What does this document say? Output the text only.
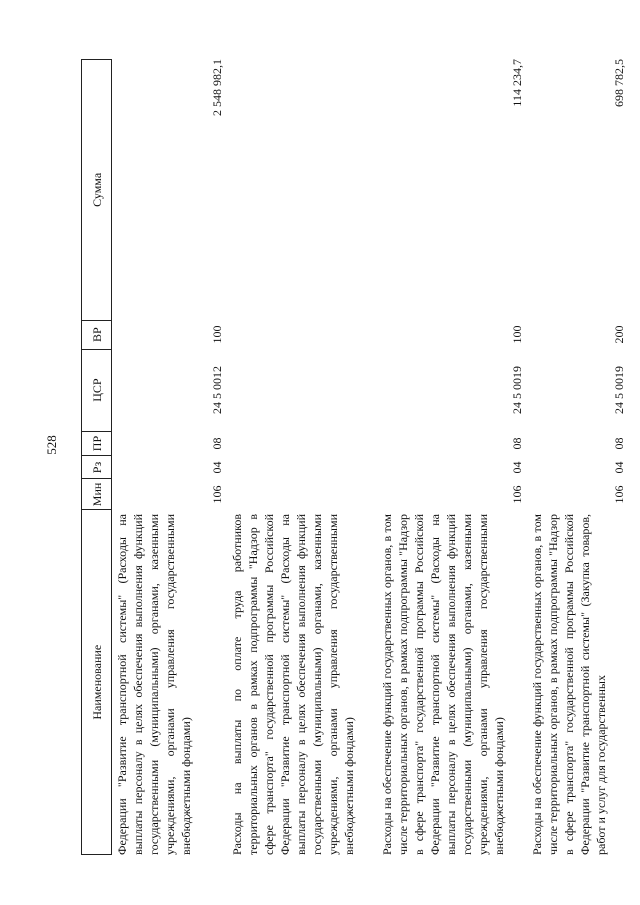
528
Наименование
Мин
Рз
ПР
ЦСР
ВР
Сумма
Федерации "Развитие транспортной системы" (Расходы на выплаты персоналу в целях обеспечения выполнения функций государственными (муниципальными) органами, казенными учреждениями, органами управления государственными внебюджетными фондами)
106
04
08
24 5 0012
100
2 548 982,1
Расходы на выплаты по оплате труда работников территориальных органов в рамках подпрограммы "Надзор в сфере транспорта" государственной программы Российской Федерации "Развитие транспортной системы" (Расходы на выплаты персоналу в целях обеспечения выполнения функций государственными (муниципальными) органами, казенными учреждениями, органами управления государственными внебюджетными фондами)	Расходы на обеспечение функций государственных органов, в том числе территориальных органов, в рамках подпрограммы "Надзор в сфере транспорта" государственной программы Российской Федерации "Развитие транспортной системы" (Расходы на выплаты персоналу в целях обеспечения выполнения функций государственными (муниципальными) органами, казенными учреждениями, органами управления государственными внебюджетными фондами)
106
04
08
24 5 0019
100
114 234,7
Расходы на обеспечение функций государственных органов, в том числе территориальных органов, в рамках подпрограммы "Надзор в сфере транспорта" государственной программы Российской Федерации "Развитие транспортной системы" (Закупка товаров, работ и услуг для государственных
106
04
08
24 5 0019
200
698 782,5
